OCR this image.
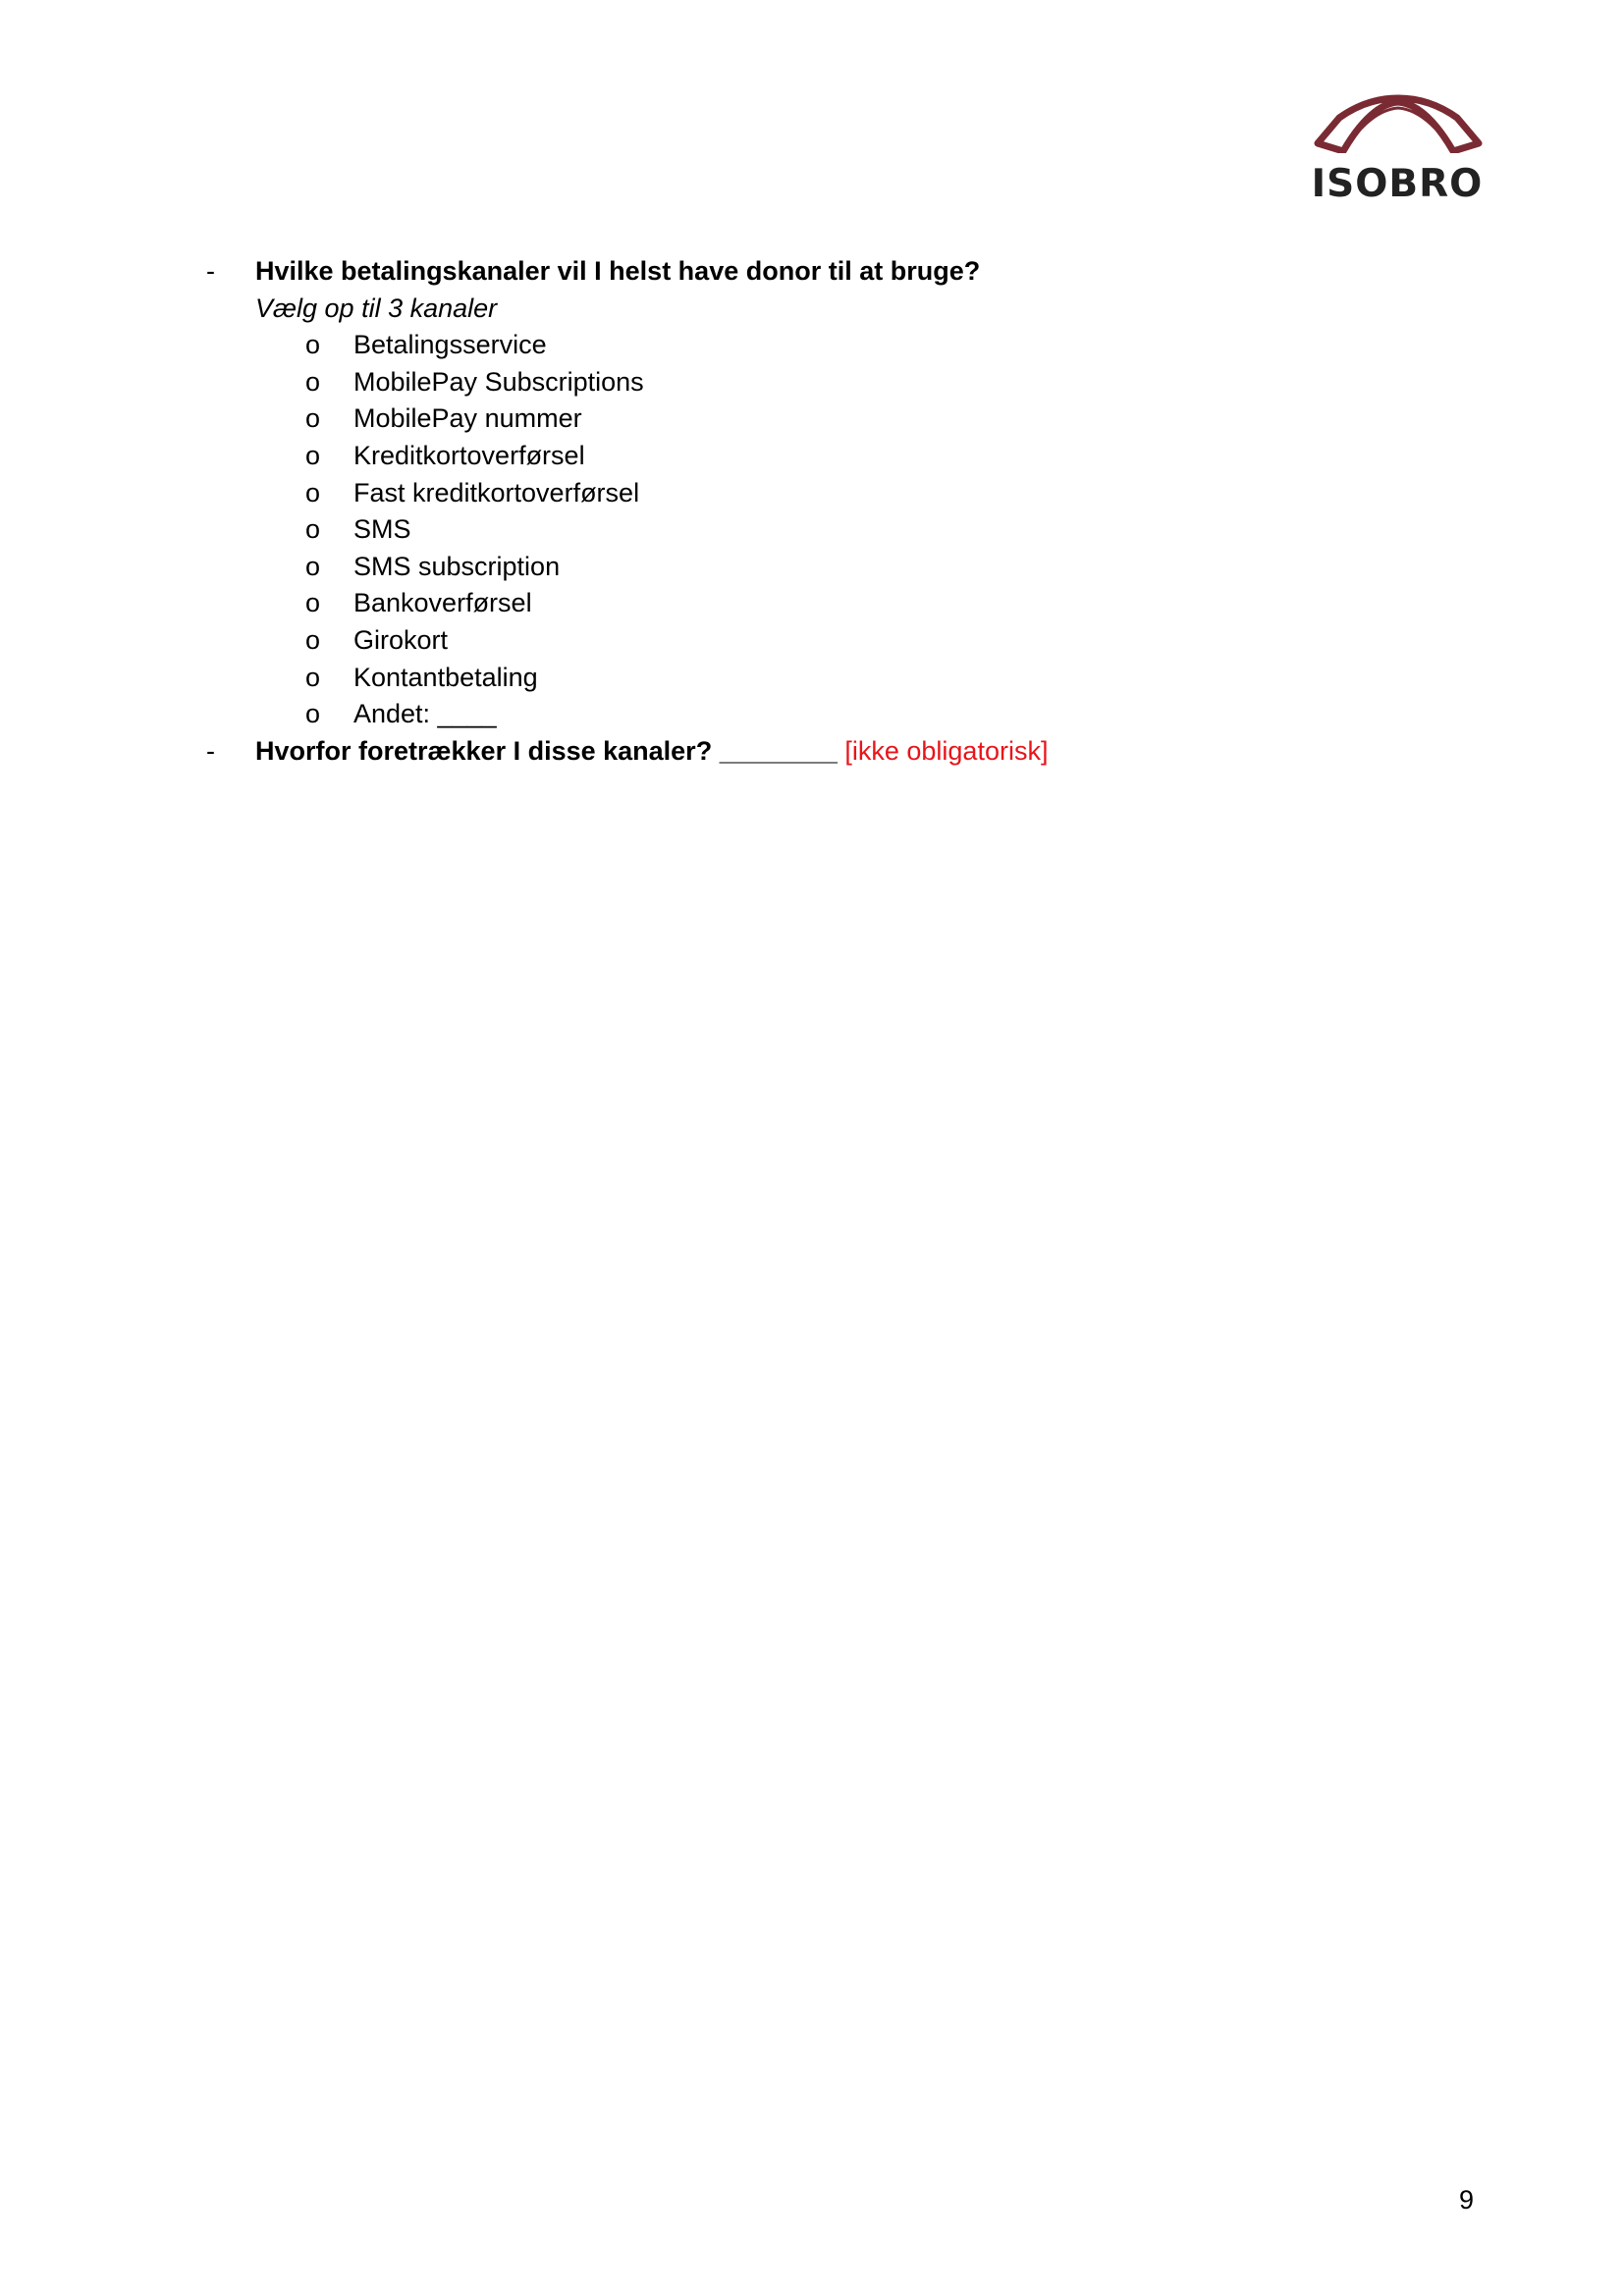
ISOBRO
- Hvilke betalingskanaler vil I helst have donor til at bruge?
Vælg op til 3 kanaler
o Betalingsservice
o MobilePay Subscriptions
o MobilePay nummer
o Kreditkortoverførsel
o Fast kreditkortoverførsel
o SMS
o SMS subscription
o Bankoverførsel
o Girokort
o Kontantbetaling
o Andet: ____
- Hvorfor foretrækker I disse kanaler? ________ [ikke obligatorisk]
9
